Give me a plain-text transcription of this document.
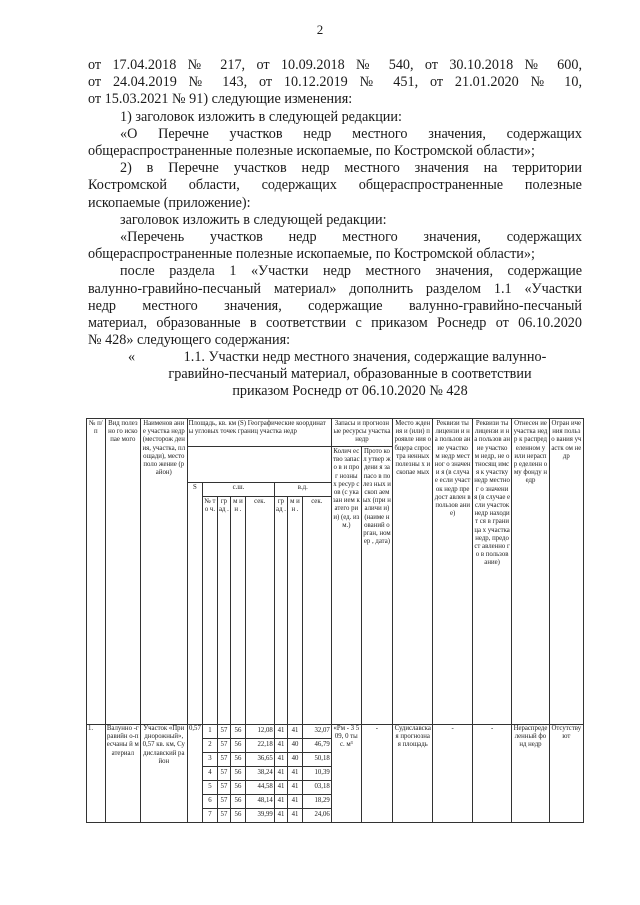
2

от 17.04.2018 № 217, от 10.09.2018 № 540, от 30.10.2018 № 600,

от 24.04.2019 № 143, от 10.12.2019 № 451, от 21.01.2020 № 10,

от 15.03.2021 № 91) следующие изменения:

1) заголовок изложить в следующей редакции:

«О Перечне участков недр местного значения, содержащих

общераспространенные полезные ископаемые, по Костромской области»;

2) в Перечне участков недр местного значения на территории

Костромской области, содержащих общераспространенные полезные

ископаемые (приложение):

заголовок изложить в следующей редакции:

«Перечень участков недр местного значения, содержащих

общераспространенные полезные ископаемые, по Костромской области»;

после раздела 1 «Участки недр местного значения, содержащие

валунно-гравийно-песчаный материал» дополнить разделом 1.1 «Участки

недр местного значения, содержащие валунно-гравийно-песчаный

материал, образованные в соответствии с приказом Роснедр от 06.10.2020

№ 428» следующего содержания:

«	1.1. Участки недр местного значения, содержащие валунно-
гравийно-песчаный материал, образованные в соответствии
приказом Роснедр от 06.10.2020 № 428
№ п/п	Вид полезно го ископае мого	Наименов ание участка недр (месторож дения, участка, площади), местополо жение (район)	Площадь, кв. км (S) Географические координаты угловых точек границ участка недр								Запасы и прогнозные ресурсы участка недр		Место ждения и (или) проявле ния общера спростра ненных полезны х ископае мых	Реквизи ты лицензи и на пользов ание участко м недр местног о значени я (в случае если участок недр предост авлен в пользов ание)	Реквизи ты лицензи и на пользов ание участко м недр, не относящ имся к участку недр местног о значени я (в случае если участок недр находит ся в граница х участка недр, предост авленно го в пользов ание)	Отнесен ие участка недр к распред еленном у или нераспр еделенн ому фонду недр	Огран ичения пользо вания участк ом недр
											Колич ество запасо в и прог нозны х ресур сов (с указан ием катего рии) (ед. изм.)	Прото кол утвер ждени я запасо в полез ных ископ аемых (при наличи и) (наиме нований орган, номер , дата)					
			S	с.ш.				в.д.									
				№ то ч.	гр ад .	м ин .	сек.	гр ад .	м ин .	сек.							
1.	Валунно -гравийн о-песчаны й материал	Участок «Приднорожный», 0,57 кв. км, Судиславский район	0,57	1	57	56	12,08	41	41	32,07	«Рм - 3 509, 0 тыс. м³	-	Судиславская прогнозная площадь	-	-	Нераспределенный фонд недр	Отсутствуют
				2	57	56	22,18	41	40	46,79							
				3	57	56	36,65	41	40	50,18							
				4	57	56	38,24	41	41	10,39							
				5	57	56	44,58	41	41	03,18							
				6	57	56	48,14	41	41	18,29							
				7	57	56	39,99	41	41	24,06							
